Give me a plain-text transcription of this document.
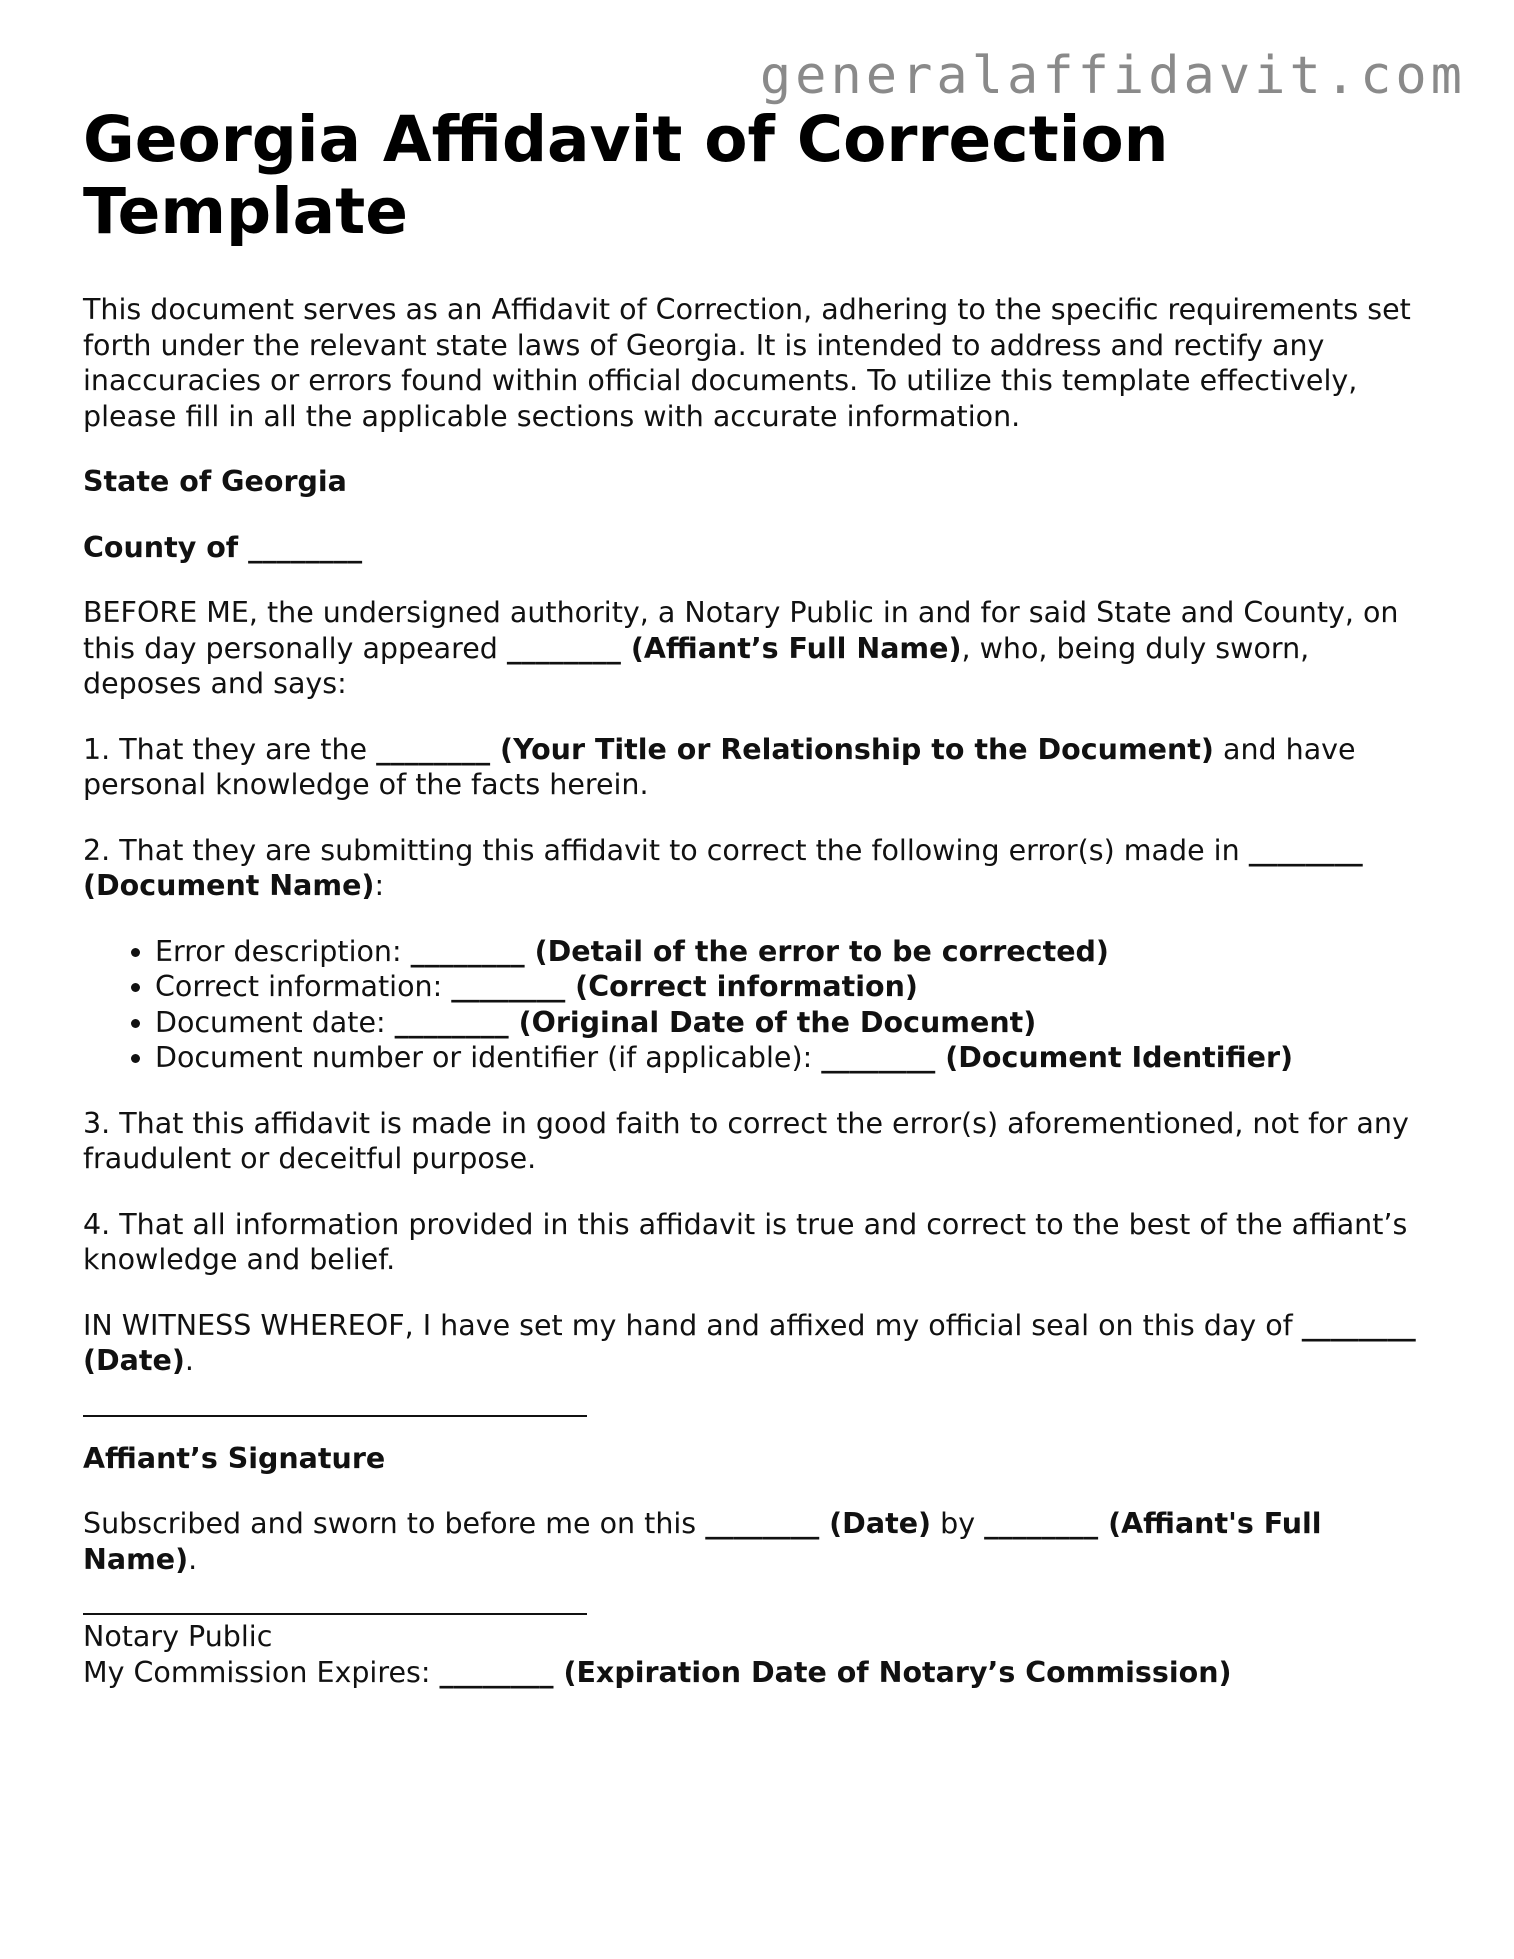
generalaffidavit.com
Georgia Affidavit of Correction Template

This document serves as an Affidavit of Correction, adhering to the specific requirements set forth under the relevant state laws of Georgia. It is intended to address and rectify any inaccuracies or errors found within official documents. To utilize this template effectively, please fill in all the applicable sections with accurate information.

State of Georgia

County of ________

BEFORE ME, the undersigned authority, a Notary Public in and for said State and County, on this day personally appeared ________ (Affiant’s Full Name), who, being duly sworn, deposes and says:

1. That they are the ________ (Your Title or Relationship to the Document) and have personal knowledge of the facts herein.

2. That they are submitting this affidavit to correct the following error(s) made in ________ (Document Name):

• Error description: ________ (Detail of the error to be corrected)
• Correct information: ________ (Correct information)
• Document date: ________ (Original Date of the Document)
• Document number or identifier (if applicable): ________ (Document Identifier)

3. That this affidavit is made in good faith to correct the error(s) aforementioned, not for any fraudulent or deceitful purpose.

4. That all information provided in this affidavit is true and correct to the best of the affiant’s knowledge and belief.

IN WITNESS WHEREOF, I have set my hand and affixed my official seal on this day of ________ (Date).

Affiant’s Signature

Subscribed and sworn to before me on this ________ (Date) by ________ (Affiant's Full Name).

Notary Public

My Commission Expires: ________ (Expiration Date of Notary’s Commission)
